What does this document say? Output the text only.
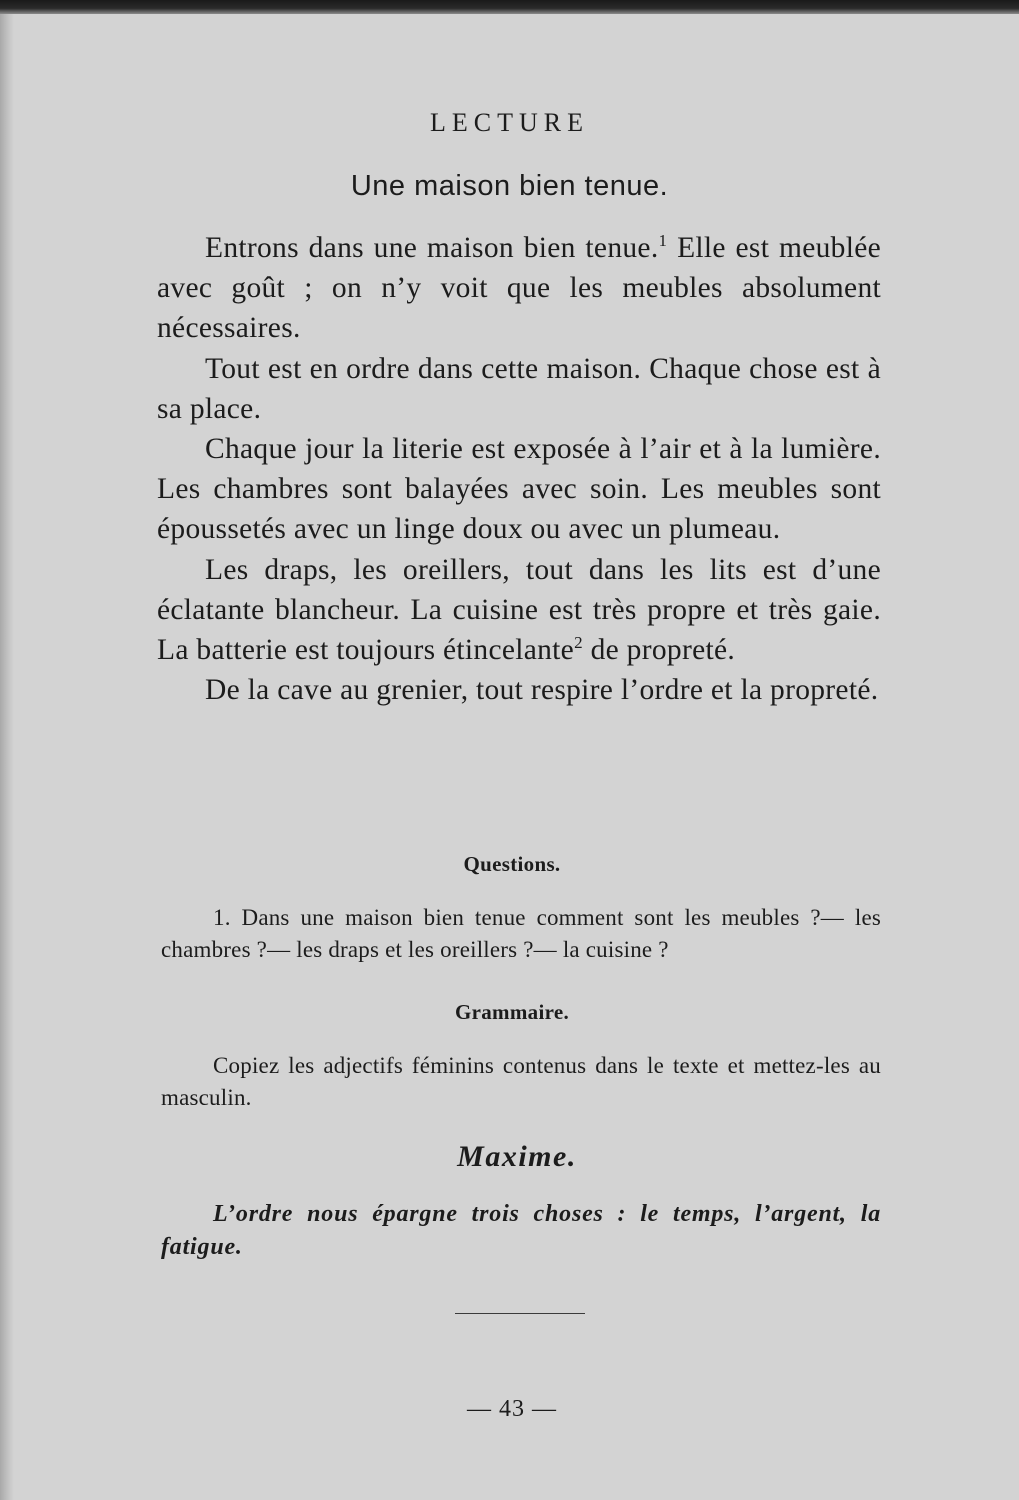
LECTURE
Une maison bien tenue.

Entrons dans une maison bien tenue.$^1$ Elle est meublée avec goût ; on n’y voit que les meubles absolument nécessaires.

Tout est en ordre dans cette maison. Chaque chose est à sa place.

Chaque jour la literie est exposée à l’air et à la lumière. Les chambres sont balayées avec soin. Les meubles sont époussetés avec un linge doux ou avec un plumeau.

Les draps, les oreillers, tout dans les lits est d’une éclatante blancheur. La cuisine est très propre et très gaie. La batterie est toujours étincelante$^2$ de propreté.

De la cave au grenier, tout respire l’ordre et la propreté.

Questions.

1. Dans une maison bien tenue comment sont les meubles ?— les chambres ?— les draps et les oreillers ?— la cuisine ?

Grammaire.

Copiez les adjectifs féminins contenus dans le texte et mettez-les au masculin.

Maxime.

L’ordre nous épargne trois choses : le temps, l’argent, la fatigue.

— 43 —
